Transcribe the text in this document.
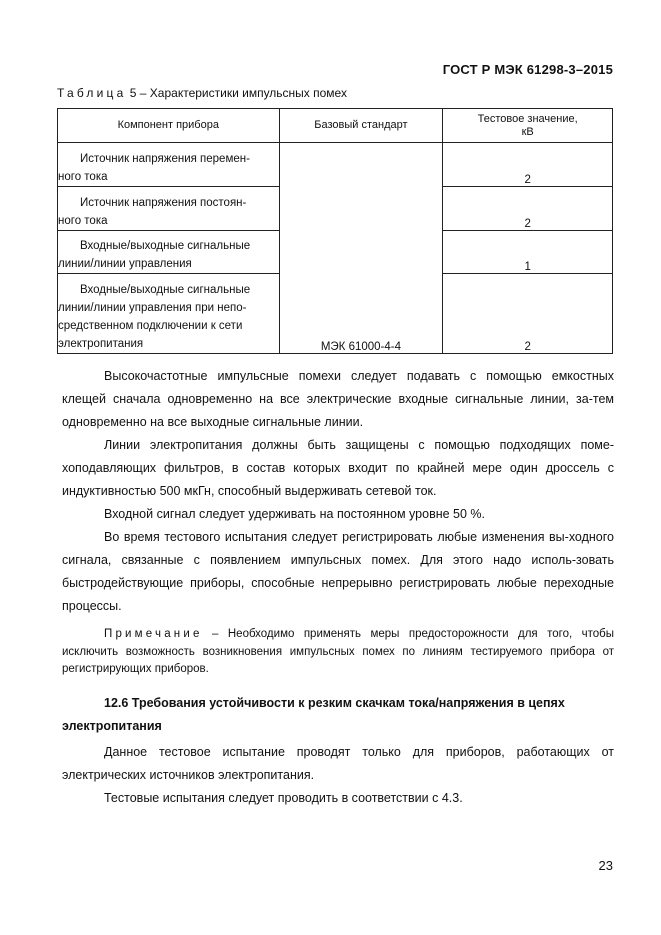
ГОСТ Р МЭК 61298-3–2015
Таблица 5 – Характеристики импульсных помех
Компонент прибора	Базовый стандарт	Тестовое значение,
кВ

Источник напряжения перемен-
ного тока	МЭК 61000-4-4	2

Источник напряжения постоян-
ного тока		2

Входные/выходные сигнальные
линии/линии управления		1

Входные/выходные сигнальные
линии/линии управления при непо-
средственном подключении к сети
электропитания		2

Высокочастотные импульсные помехи следует подавать с помощью емкостных клещей сначала одновременно на все электрические входные сигнальные линии, за-тем одновременно на все выходные сигнальные линии.

Линии электропитания должны быть защищены с помощью подходящих поме-хоподавляющих фильтров, в состав которых входит по крайней мере один дроссель с индуктивностью 500 мкГн, способный выдерживать сетевой ток.

Входной сигнал следует удерживать на постоянном уровне 50 %.

Во время тестового испытания следует регистрировать любые изменения вы-ходного сигнала, связанные с появлением импульсных помех. Для этого надо исполь-зовать быстродействующие приборы, способные непрерывно регистрировать любые переходные процессы.

Примечание – Необходимо применять меры предосторожности для того, чтобы исключить возможность возникновения импульсных помех по линиям тестируемого прибора от регистрирующих приборов.

12.6 Требования устойчивости к резким скачкам тока/напряжения в цепях электропитания

Данное тестовое испытание проводят только для приборов, работающих от электрических источников электропитания.

Тестовые испытания следует проводить в соответствии с 4.3.

23
